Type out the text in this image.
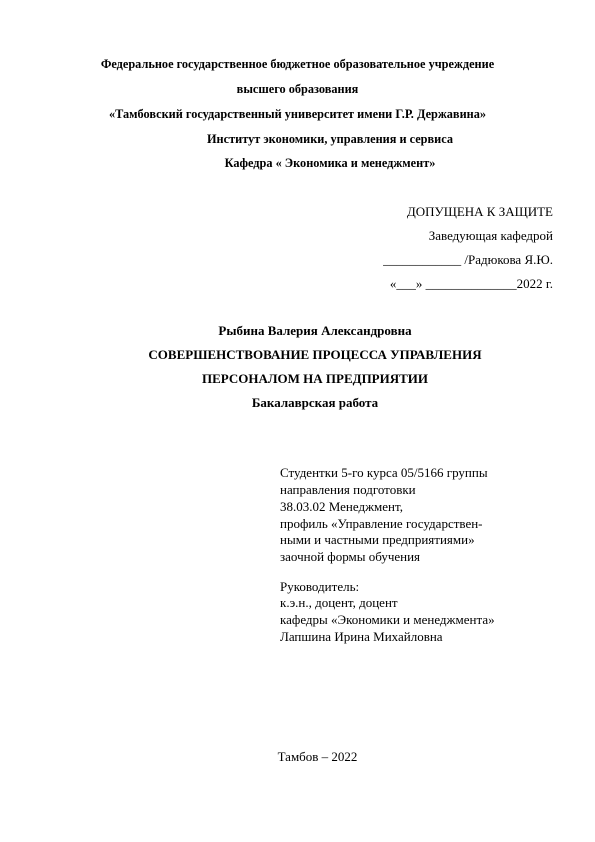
Федеральное государственное бюджетное образовательное учреждение
высшего образования
«Тамбовский государственный университет имени Г.Р. Державина»
Институт экономики, управления и сервиса
Кафедра « Экономика и менеджмент»
ДОПУЩЕНА К ЗАЩИТЕ
Заведующая кафедрой
____________ /Радюкова Я.Ю.
«___» ______________2022 г.
Рыбина Валерия Александровна
СОВЕРШЕНСТВОВАНИЕ ПРОЦЕССА УПРАВЛЕНИЯ
ПЕРСОНАЛОМ НА ПРЕДПРИЯТИИ
Бакалаврская работа
Студентки 5-го курса 05/5166 группы
направления подготовки
38.03.02 Менеджмент,
профиль «Управление государствен-
ными и частными предприятиями»
заочной формы обучения
Руководитель:
к.э.н., доцент, доцент
кафедры «Экономики и менеджмента»
Лапшина Ирина Михайловна
Тамбов – 2022
